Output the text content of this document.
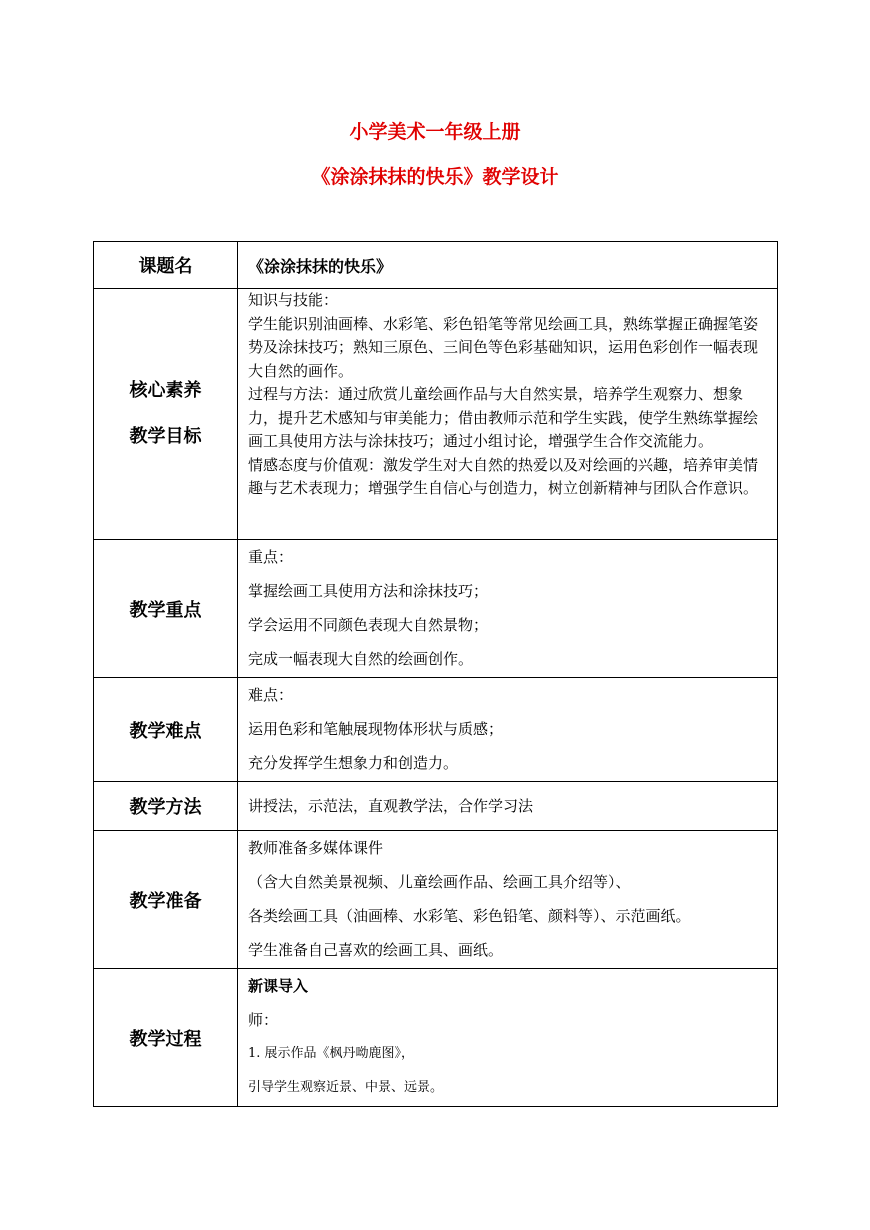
小学美术一年级上册
《涂涂抹抹的快乐》教学设计
课题名	《涂涂抹抹的快乐》

核心素养
教学目标	知识与技能：
学生能识别油画棒、水彩笔、彩色铅笔等常见绘画工具，熟练掌握正确握笔姿势及涂抹技巧；熟知三原色、三间色等色彩基础知识，运用色彩创作一幅表现大自然的画作。
过程与方法：通过欣赏儿童绘画作品与大自然实景，培养学生观察力、想象力，提升艺术感知与审美能力；借由教师示范和学生实践，使学生熟练掌握绘画工具使用方法与涂抹技巧；通过小组讨论，增强学生合作交流能力。
情感态度与价值观：激发学生对大自然的热爱以及对绘画的兴趣，培养审美情趣与艺术表现力；增强学生自信心与创造力，树立创新精神与团队合作意识。

教学重点	重点：
掌握绘画工具使用方法和涂抹技巧；
学会运用不同颜色表现大自然景物；
完成一幅表现大自然的绘画创作。

教学难点	难点：
运用色彩和笔触展现物体形状与质感；
充分发挥学生想象力和创造力。

教学方法	讲授法，示范法，直观教学法，合作学习法
教学准备	教师准备多媒体课件
（含大自然美景视频、儿童绘画作品、绘画工具介绍等）、
各类绘画工具（油画棒、水彩笔、彩色铅笔、颜料等）、示范画纸。
学生准备自己喜欢的绘画工具、画纸。

教学过程	新课导入
师：
1. 展示作品《枫丹呦鹿图》，
引导学生观察近景、中景、远景。
